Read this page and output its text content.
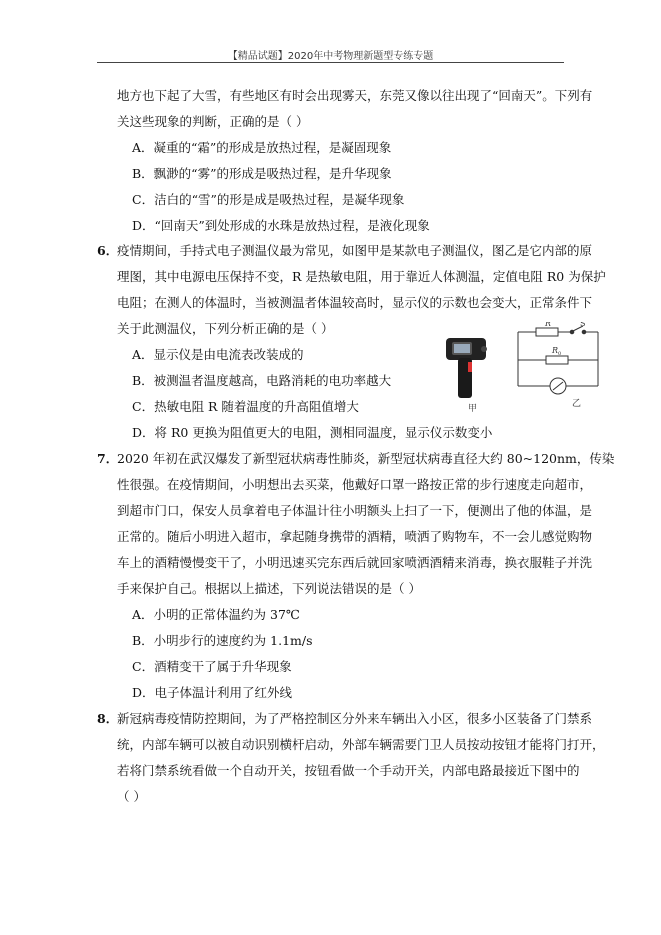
【精品试题】2020年中考物理新题型专练专题
地方也下起了大雪，有些地区有时会出现雾天，东莞又像以往出现了“回南天”。下列有
关这些现象的判断，正确的是（ ）
A．凝重的“霜”的形成是放热过程，是凝固现象
B．飘渺的“雾”的形成是吸热过程，是升华现象
C．洁白的“雪”的形是成是吸热过程，是凝华现象
D．“回南天”到处形成的水珠是放热过程，是液化现象
6．
疫情期间，手持式电子测温仪最为常见，如图甲是某款电子测温仪，图乙是它内部的原
理图，其中电源电压保持不变，R 是热敏电阻，用于靠近人体测温，定值电阻 R0 为保护
电阻；在测人的体温时，当被测温者体温较高时，显示仪的示数也会变大，正常条件下
关于此测温仪，下列分析正确的是（ ）
A．显示仪是由电流表改装成的
B．被测温者温度越高，电路消耗的电功率越大
C．热敏电阻 R 随着温度的升高阻值增大
D．将 R0 更换为阻值更大的电阻，测相同温度，显示仪示数变小
甲
R	S
R 0
乙
7．
2020 年初在武汉爆发了新型冠状病毒性肺炎，新型冠状病毒直径大约 80~120nm，传染
性很强。在疫情期间，小明想出去买菜，他戴好口罩一路按正常的步行速度走向超市，
到超市门口，保安人员拿着电子体温计往小明额头上扫了一下，便测出了他的体温，是
正常的。随后小明进入超市，拿起随身携带的酒精，喷洒了购物车，不一会儿感觉购物
车上的酒精慢慢变干了，小明迅速买完东西后就回家喷洒酒精来消毒，换衣服鞋子并洗
手来保护自己。根据以上描述，下列说法错误的是（ ）
A．小明的正常体温约为 37℃
B．小明步行的速度约为 1.1m/s
C．酒精变干了属于升华现象
D．电子体温计利用了红外线
8．
新冠病毒疫情防控期间，为了严格控制区分外来车辆出入小区，很多小区装备了门禁系
统，内部车辆可以被自动识别横杆启动，外部车辆需要门卫人员按动按钮才能将门打开，
若将门禁系统看做一个自动开关，按钮看做一个手动开关，内部电路最接近下图中的
（ ）
